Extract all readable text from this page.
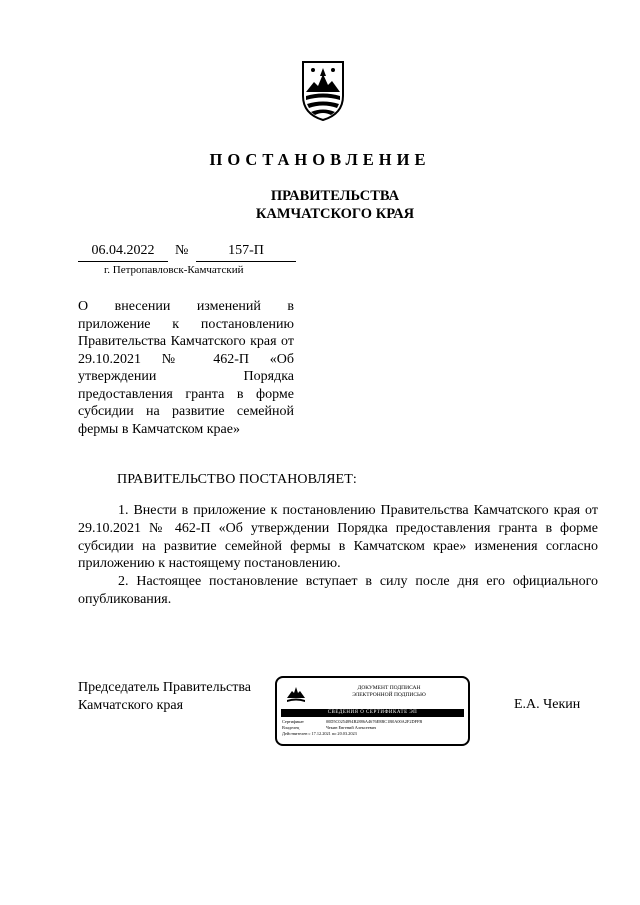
ПОСТАНОВЛЕНИЕ
ПРАВИТЕЛЬСТВА
КАМЧАТСКОГО КРАЯ
06.04.2022	№	157-П
г. Петропавловск-Камчатский
О внесении изменений в приложение к постановлению Правительства Камчатского края от 29.10.2021 № 462-П «Об утверждении Порядка предоставления гранта в форме субсидии на развитие семейной фермы в Камчатском крае»
ПРАВИТЕЛЬСТВО ПОСТАНОВЛЯЕТ:

1. Внести в приложение к постановлению Правительства Камчатского края от 29.10.2021 № 462-П «Об утверждении Порядка предоставления гранта в форме субсидии на развитие семейной фермы в Камчатском крае» изменения согласно приложению к настоящему постановлению.

2. Настоящее постановление вступает в силу после дня его официального опубликования.

Председатель Правительства
Камчатского края
ДОКУМЕНТ ПОДПИСАН
ЭЛЕКТРОННОЙ ПОДПИСЬЮ
СВЕДЕНИЯ О СЕРТИФИКАТЕ ЭП
Сертификат	00D5C0254894B2886A4676E8BC1B0A00A2F2DFFB
Владелец	Чекин Евгений Алексеевич
Действителен с 17.12.2021 по 20.03.2023
Е.А. Чекин
